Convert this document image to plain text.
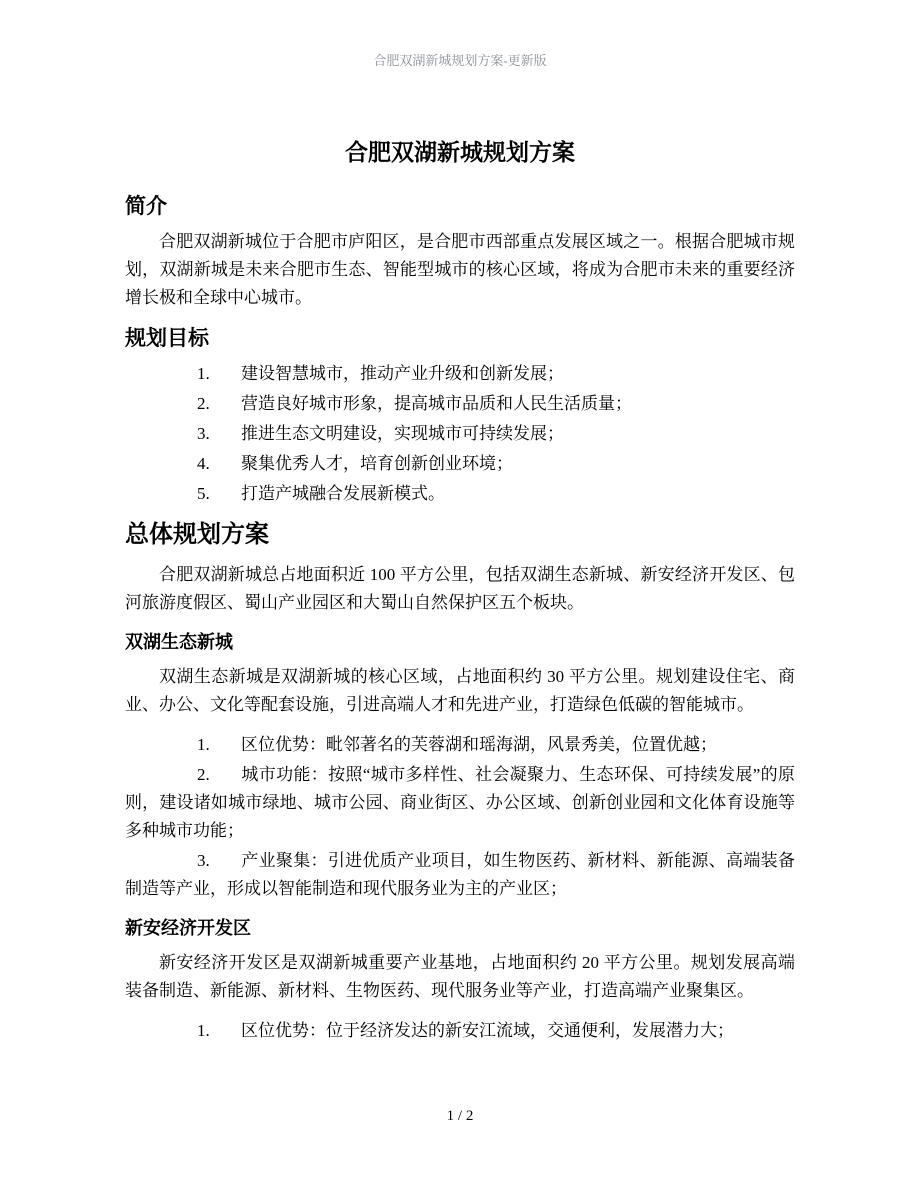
合肥双湖新城规划方案-更新版
合肥双湖新城规划方案
简介
合肥双湖新城位于合肥市庐阳区，是合肥市西部重点发展区域之一。根据合肥城市规划，双湖新城是未来合肥市生态、智能型城市的核心区域，将成为合肥市未来的重要经济增长极和全球中心城市。
规划目标
1. 建设智慧城市，推动产业升级和创新发展；
2. 营造良好城市形象，提高城市品质和人民生活质量；
3. 推进生态文明建设，实现城市可持续发展；
4. 聚集优秀人才，培育创新创业环境；
5. 打造产城融合发展新模式。
总体规划方案
合肥双湖新城总占地面积近 100 平方公里，包括双湖生态新城、新安经济开发区、包河旅游度假区、蜀山产业园区和大蜀山自然保护区五个板块。
双湖生态新城
双湖生态新城是双湖新城的核心区域，占地面积约 30 平方公里。规划建设住宅、商业、办公、文化等配套设施，引进高端人才和先进产业，打造绿色低碳的智能城市。
1. 区位优势：毗邻著名的芙蓉湖和瑶海湖，风景秀美，位置优越；
2. 城市功能：按照“城市多样性、社会凝聚力、生态环保、可持续发展”的原则，建设诸如城市绿地、城市公园、商业街区、办公区域、创新创业园和文化体育设施等多种城市功能；
3. 产业聚集：引进优质产业项目，如生物医药、新材料、新能源、高端装备制造等产业，形成以智能制造和现代服务业为主的产业区；
新安经济开发区
新安经济开发区是双湖新城重要产业基地，占地面积约 20 平方公里。规划发展高端装备制造、新能源、新材料、生物医药、现代服务业等产业，打造高端产业聚集区。
1. 区位优势：位于经济发达的新安江流域，交通便利，发展潜力大；
1 / 2
